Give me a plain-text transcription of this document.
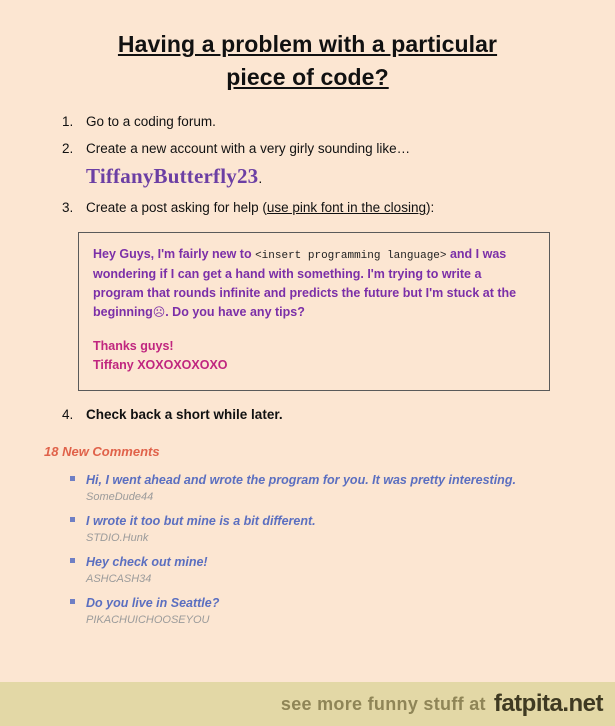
Having a problem with a particular
piece of code?
Go to a coding forum.
Create a new account with a very girly sounding like…
TiffanyButterfly23.
Create a post asking for help (use pink font in the closing):

Hey Guys, I'm fairly new to <insert programming language> and I was wondering if I can get a hand with something. I'm trying to write a program that rounds infinite and predicts the future but I'm stuck at the beginning☹. Do you have any tips?

Thanks guys!

Tiffany XOXOXOXOXO

4. Check back a short while later.
18 New Comments
Hi, I went ahead and wrote the program for you. It was pretty interesting.
SomeDude44
I wrote it too but mine is a bit different.
STDIO.Hunk
Hey check out mine!
ASHCASH34
Do you live in Seattle?
PIKACHUICHOOSEYOU
see more funny stuff at fatpita.net
